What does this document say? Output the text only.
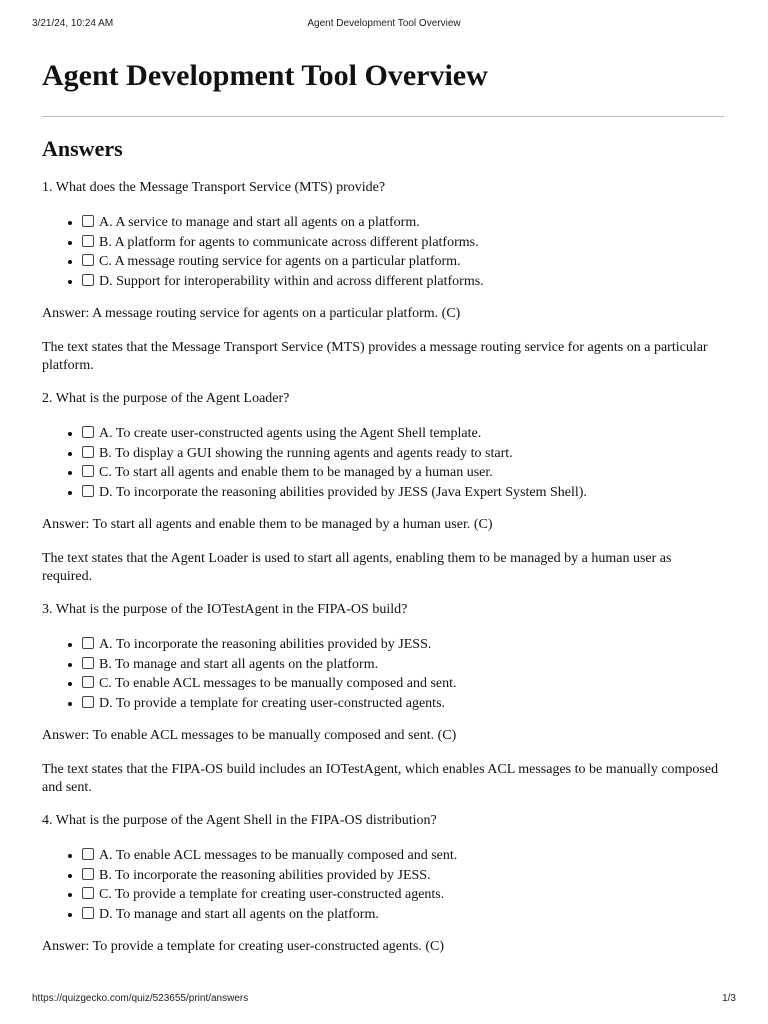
3/21/24, 10:24 AM	Agent Development Tool Overview
Agent Development Tool Overview
Answers

1. What does the Message Transport Service (MTS) provide?

• A. A service to manage and start all agents on a platform.
• B. A platform for agents to communicate across different platforms.
• C. A message routing service for agents on a particular platform.
• D. Support for interoperability within and across different platforms.

Answer: A message routing service for agents on a particular platform. (C)

The text states that the Message Transport Service (MTS) provides a message routing service for agents on a particular platform.

2. What is the purpose of the Agent Loader?

• A. To create user-constructed agents using the Agent Shell template.
• B. To display a GUI showing the running agents and agents ready to start.
• C. To start all agents and enable them to be managed by a human user.
• D. To incorporate the reasoning abilities provided by JESS (Java Expert System Shell).

Answer: To start all agents and enable them to be managed by a human user. (C)

The text states that the Agent Loader is used to start all agents, enabling them to be managed by a human user as required.

3. What is the purpose of the IOTestAgent in the FIPA-OS build?

• A. To incorporate the reasoning abilities provided by JESS.
• B. To manage and start all agents on the platform.
• C. To enable ACL messages to be manually composed and sent.
• D. To provide a template for creating user-constructed agents.

Answer: To enable ACL messages to be manually composed and sent. (C)

The text states that the FIPA-OS build includes an IOTestAgent, which enables ACL messages to be manually composed and sent.

4. What is the purpose of the Agent Shell in the FIPA-OS distribution?

• A. To enable ACL messages to be manually composed and sent.
• B. To incorporate the reasoning abilities provided by JESS.
• C. To provide a template for creating user-constructed agents.
• D. To manage and start all agents on the platform.

Answer: To provide a template for creating user-constructed agents. (C)

https://quizgecko.com/quiz/523655/print/answers	1/3
